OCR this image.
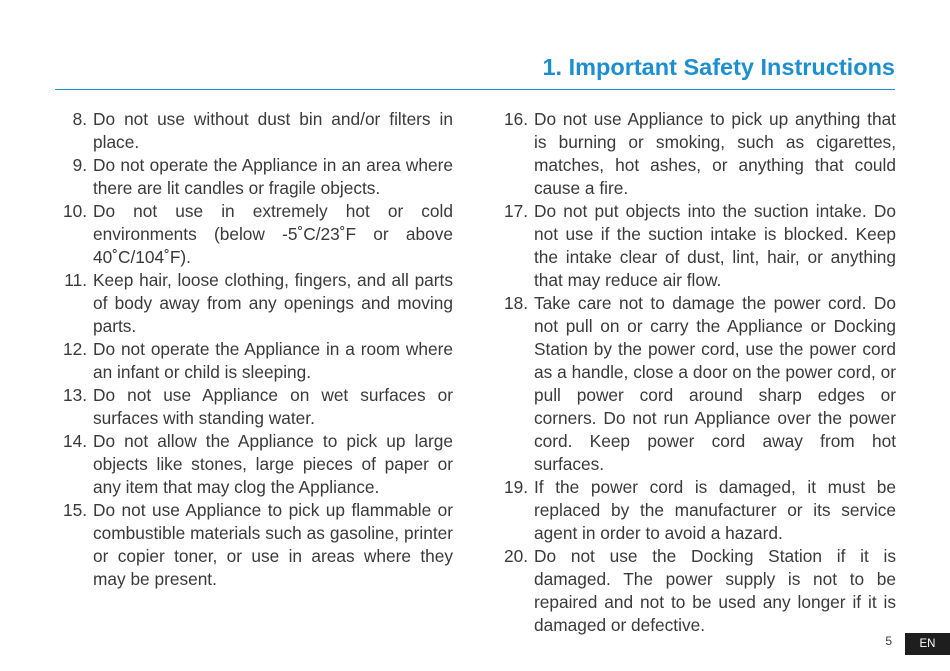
1. Important Safety Instructions
8. Do not use without dust bin and/or filters in place.
9. Do not operate the Appliance in an area where there are lit candles or fragile objects.
10. Do not use in extremely hot or cold environments (below -5˚C/23˚F or above 40˚C/104˚F).
11. Keep hair, loose clothing, fingers, and all parts of body away from any openings and moving parts.
12. Do not operate the Appliance in a room where an infant or child is sleeping.
13. Do not use Appliance on wet surfaces or surfaces with standing water.
14. Do not allow the Appliance to pick up large objects like stones, large pieces of paper or any item that may clog the Appliance.
15. Do not use Appliance to pick up flammable or combustible materials such as gasoline, printer or copier toner, or use in areas where they may be present.
16. Do not use Appliance to pick up anything that is burning or smoking, such as cigarettes, matches, hot ashes, or anything that could cause a fire.
17. Do not put objects into the suction intake. Do not use if the suction intake is blocked. Keep the intake clear of dust, lint, hair, or anything that may reduce air flow.
18. Take care not to damage the power cord. Do not pull on or carry the Appliance or Docking Station by the power cord, use the power cord as a handle, close a door on the power cord, or pull power cord around sharp edges or corners. Do not run Appliance over the power cord. Keep power cord away from hot surfaces.
19. If the power cord is damaged, it must be replaced by the manufacturer or its service agent in order to avoid a hazard.
20. Do not use the Docking Station if it is damaged. The power supply is not to be repaired and not to be used any longer if it is damaged or defective.
5	EN
